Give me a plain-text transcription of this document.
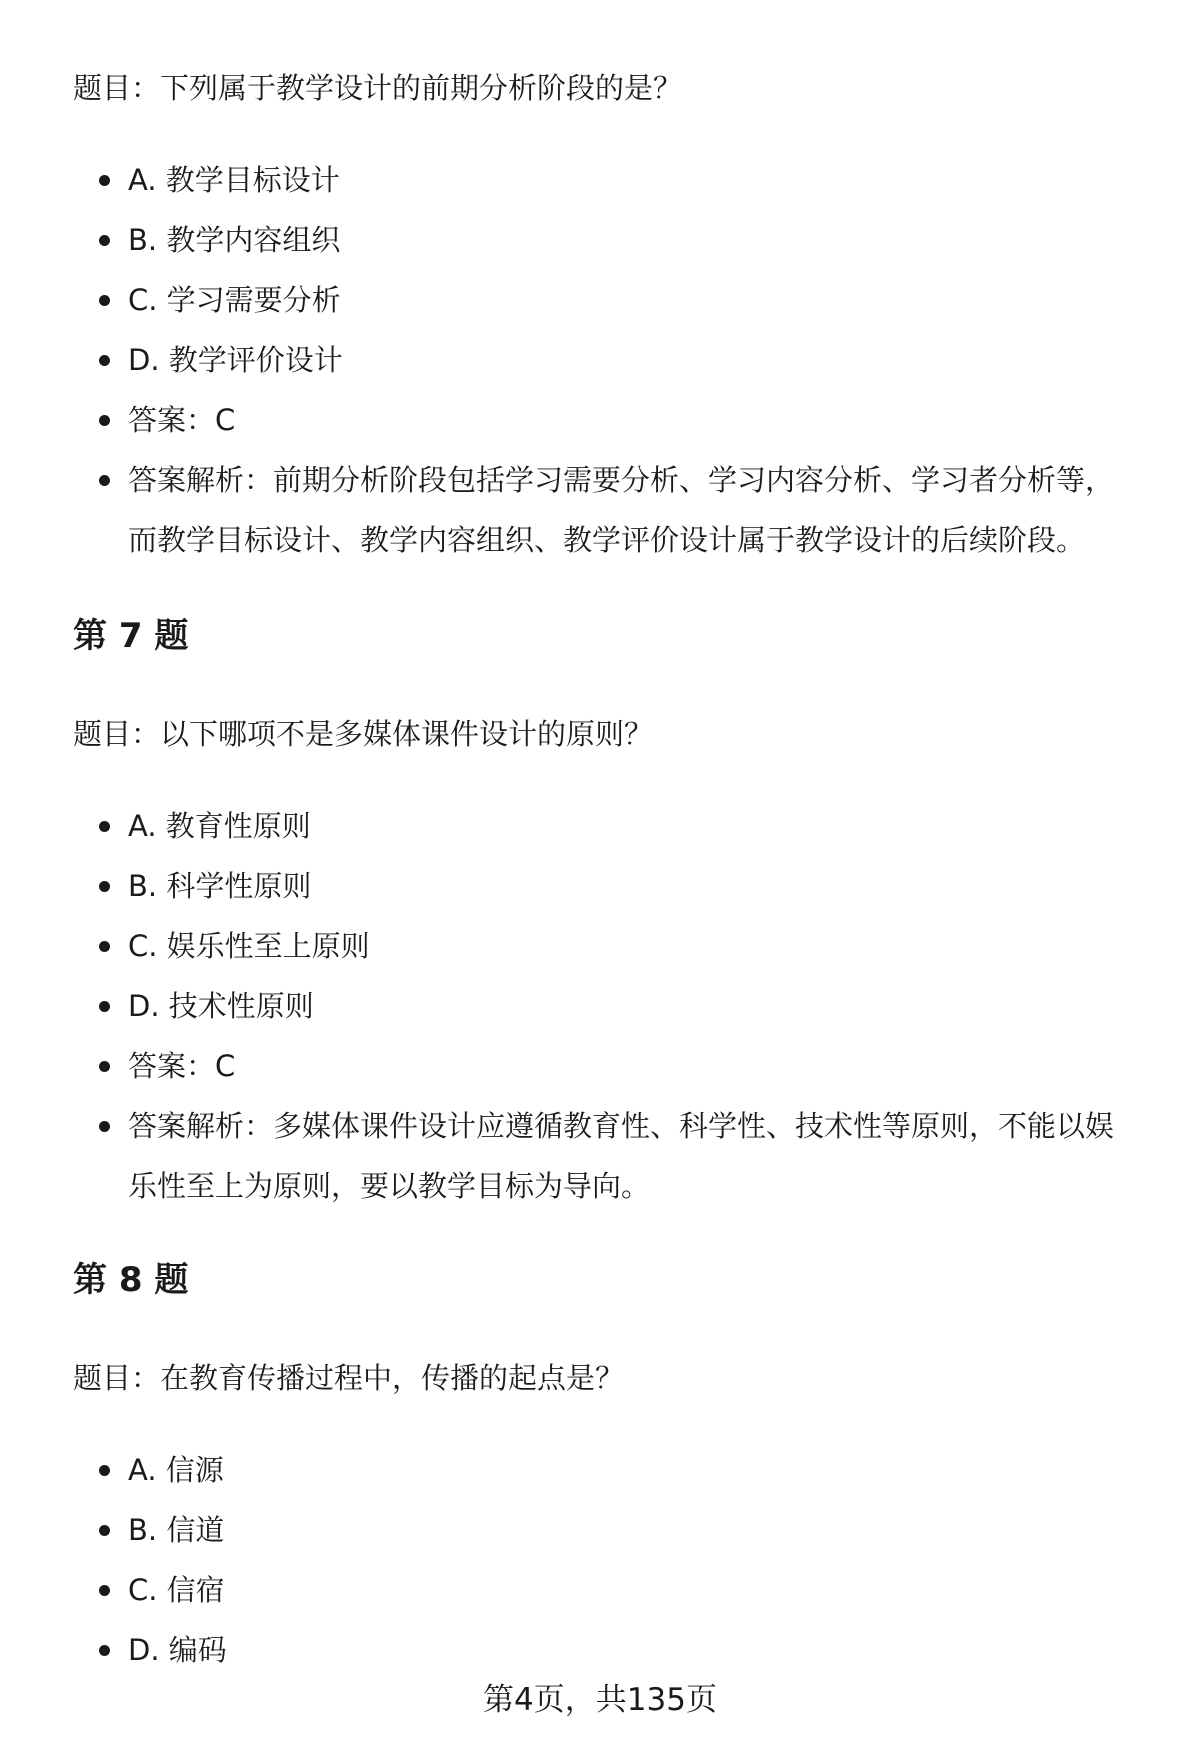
题目：下列属于教学设计的前期分析阶段的是？

A. 教学目标设计
B. 教学内容组织
C. 学习需要分析
D. 教学评价设计
答案：C
答案解析：前期分析阶段包括学习需要分析、学习内容分析、学习者分析等，而教学目标设计、教学内容组织、教学评价设计属于教学设计的后续阶段。
第 7 题

题目：以下哪项不是多媒体课件设计的原则？

A. 教育性原则
B. 科学性原则
C. 娱乐性至上原则
D. 技术性原则
答案：C
答案解析：多媒体课件设计应遵循教育性、科学性、技术性等原则，不能以娱乐性至上为原则，要以教学目标为导向。
第 8 题

题目：在教育传播过程中，传播的起点是？

A. 信源
B. 信道
C. 信宿
D. 编码
第4页，共135页
